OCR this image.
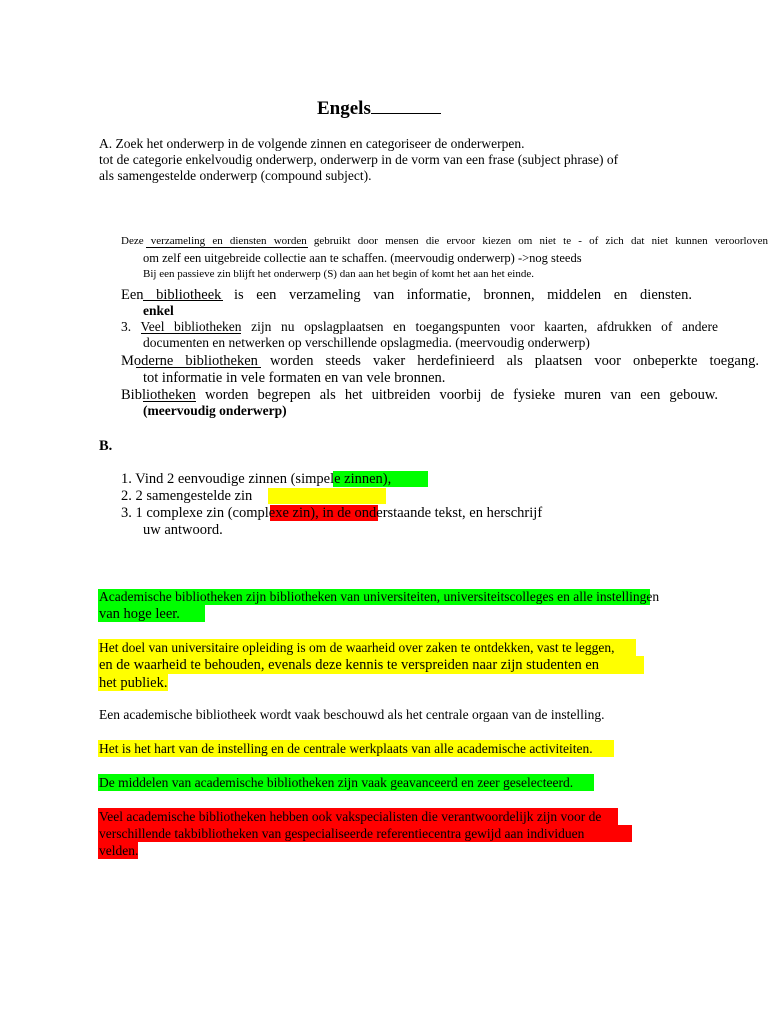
Engels
A. Zoek het onderwerp in de volgende zinnen en categoriseer de onderwerpen.
tot de categorie enkelvoudig onderwerp, onderwerp in de vorm van een frase (subject phrase) of
als samengestelde onderwerp (compound subject).
Deze verzameling en diensten worden gebruikt door mensen die ervoor kiezen om niet te - of zich dat niet kunnen veroorloven
om zelf een uitgebreide collectie aan te schaffen. (meervoudig onderwerp) ->nog steeds
Bij een passieve zin blijft het onderwerp (S) dan aan het begin of komt het aan het einde.
Een bibliotheek is een verzameling van informatie, bronnen, middelen en diensten.
enkel
3. Veel bibliotheken zijn nu opslagplaatsen en toegangspunten voor kaarten, afdrukken of andere
documenten en netwerken op verschillende opslagmedia. (meervoudig onderwerp)
Moderne bibliotheken worden steeds vaker herdefinieerd als plaatsen voor onbeperkte toegang.
tot informatie in vele formaten en van vele bronnen.
Bibliotheken worden begrepen als het uitbreiden voorbij de fysieke muren van een gebouw.
(meervoudig onderwerp)
B.
1. Vind 2 eenvoudige zinnen (simpele zinnen),
2. 2 samengestelde zin
3. 1 complexe zin (complexe zin), in de onderstaande tekst, en herschrijf
uw antwoord.
Academische bibliotheken zijn bibliotheken van universiteiten, universiteitscolleges en alle instellingen
van hoge leer.
Het doel van universitaire opleiding is om de waarheid over zaken te ontdekken, vast te leggen,
en de waarheid te behouden, evenals deze kennis te verspreiden naar zijn studenten en
het publiek.
Een academische bibliotheek wordt vaak beschouwd als het centrale orgaan van de instelling.
Het is het hart van de instelling en de centrale werkplaats van alle academische activiteiten.
De middelen van academische bibliotheken zijn vaak geavanceerd en zeer geselecteerd.
Veel academische bibliotheken hebben ook vakspecialisten die verantwoordelijk zijn voor de
verschillende takbibliotheken van gespecialiseerde referentiecentra gewijd aan individuen
velden.
